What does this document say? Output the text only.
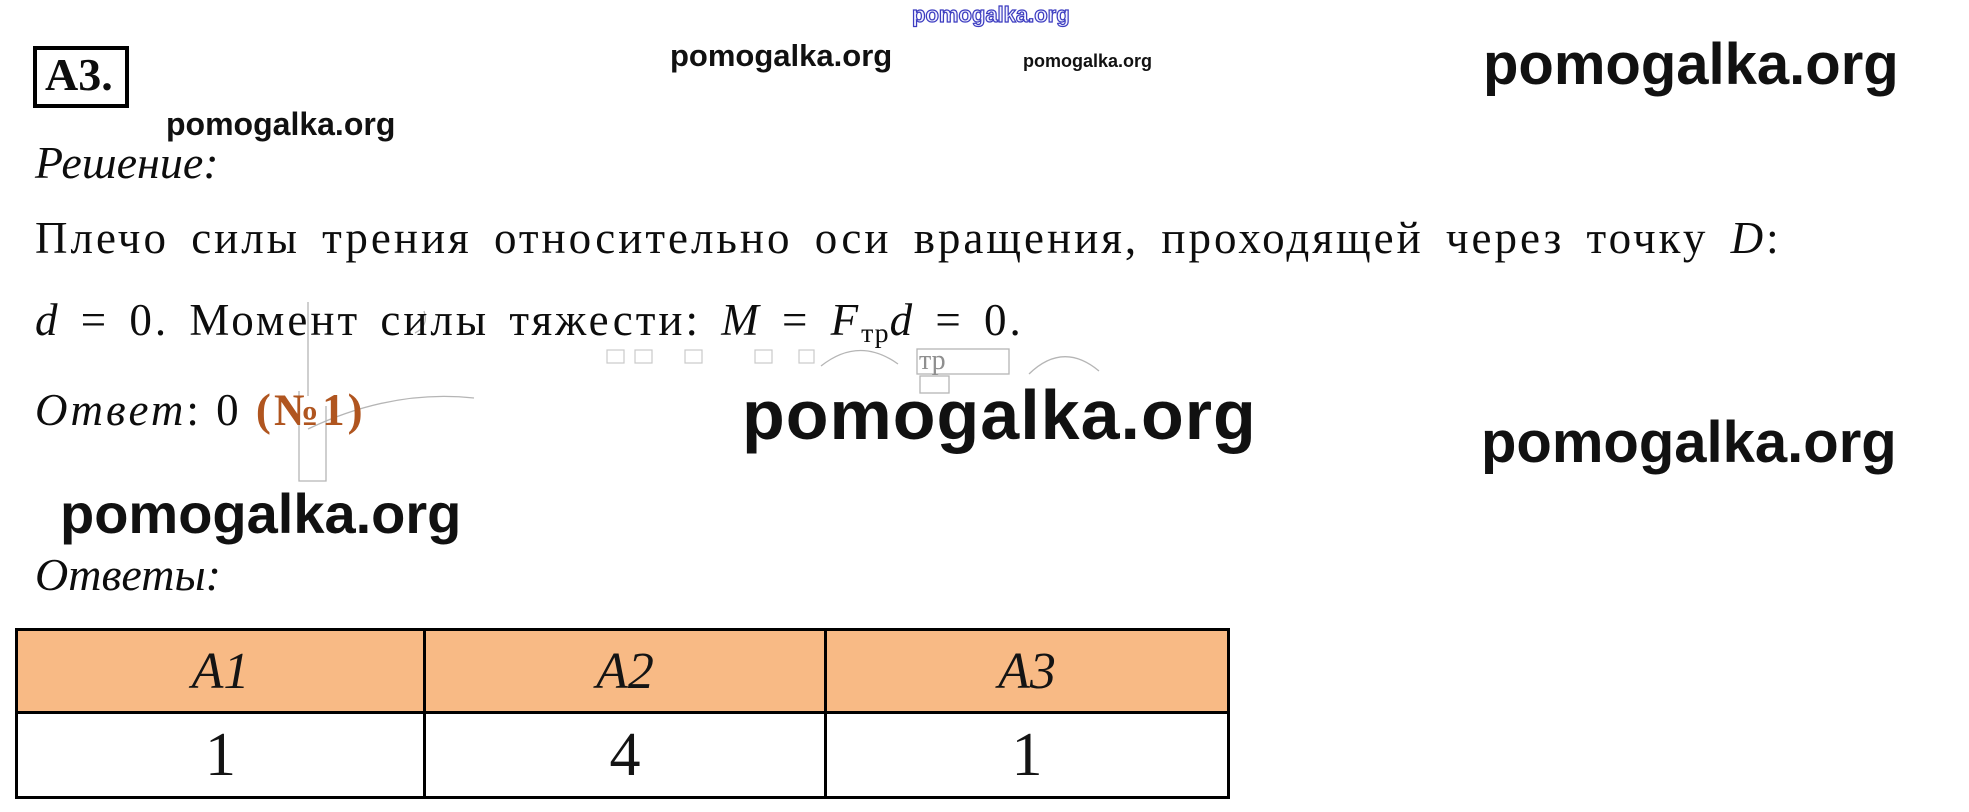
тр
pomogalka.org
pomogalka.org	pomogalka.org	pomogalka.org
pomogalka.org
pomogalka.org	pomogalka.org
pomogalka.org
А3.
Решение:
Плечо силы трения относительно оси вращения, проходящей через точку D:
d = 0. Момент силы тяжести: $M = F_{тр}d = 0$.
Ответ: 0 (№1)
Ответы:
А1	А2	А3
1	4	1
